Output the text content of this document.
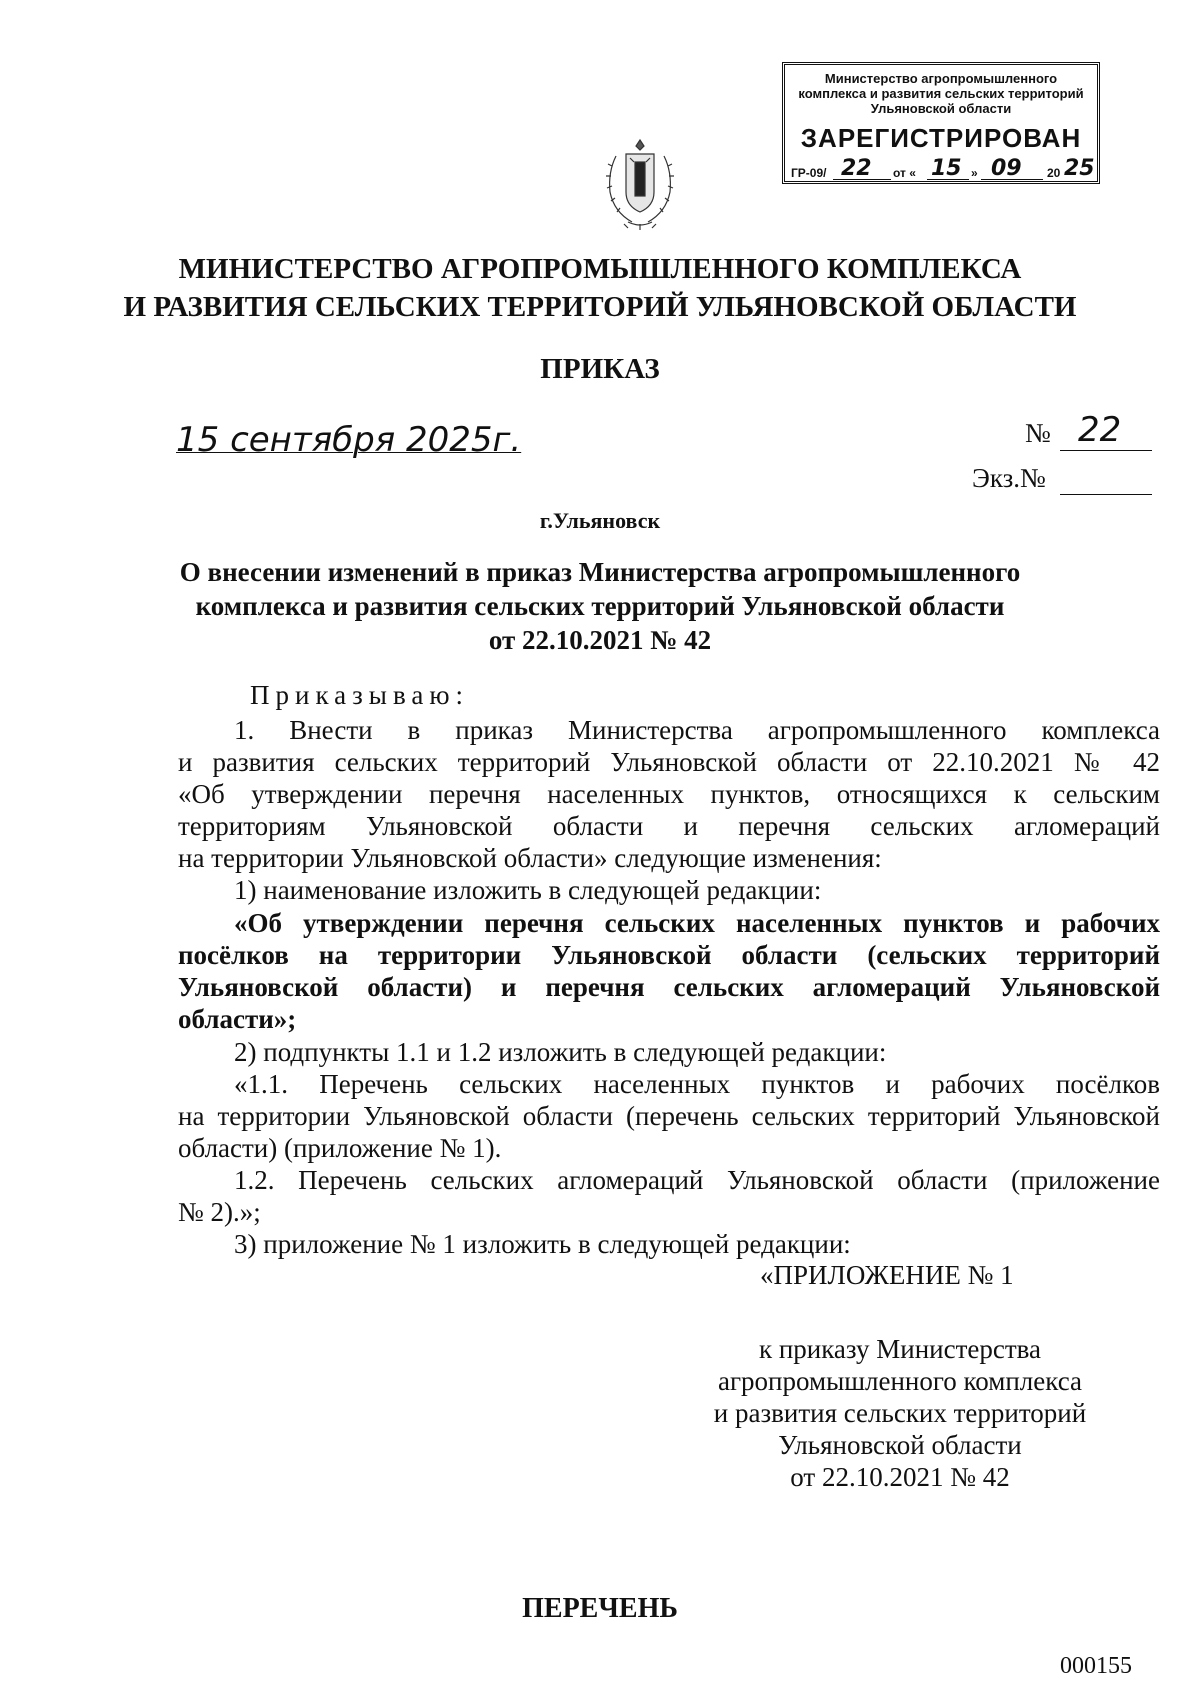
Министерство агропромышленного
комплекса и развития сельских территорий
Ульяновской области
ЗАРЕГИСТРИРОВАН
ГР-09/ 22 от « 15 » 09 20 25
МИНИСТЕРСТВО АГРОПРОМЫШЛЕННОГО КОМПЛЕКСА
И РАЗВИТИЯ СЕЛЬСКИХ ТЕРРИТОРИЙ УЛЬЯНОВСКОЙ ОБЛАСТИ
ПРИКАЗ
15 сентября 2025г.	№ 22
Экз.№
г.Ульяновск
О внесении изменений в приказ Министерства агропромышленного
комплекса и развития сельских территорий Ульяновской области
от 22.10.2021 № 42
Приказываю:
1. Внести в приказ Министерства агропромышленного комплекса
и развития сельских территорий Ульяновской области от 22.10.2021 № 42
«Об утверждении перечня населенных пунктов, относящихся к сельским
территориям Ульяновской области и перечня сельских агломераций
на территории Ульяновской области» следующие изменения:
1) наименование изложить в следующей редакции:
«Об утверждении перечня сельских населенных пунктов и рабочих
посёлков на территории Ульяновской области (сельских территорий
Ульяновской области) и перечня сельских агломераций Ульяновской
области»;
2) подпункты 1.1 и 1.2 изложить в следующей редакции:
«1.1. Перечень сельских населенных пунктов и рабочих посёлков
на территории Ульяновской области (перечень сельских территорий Ульяновской
области) (приложение № 1).
1.2. Перечень сельских агломераций Ульяновской области (приложение
№ 2).»;
3) приложение № 1 изложить в следующей редакции:
«ПРИЛОЖЕНИЕ № 1
к приказу Министерства
агропромышленного комплекса
и развития сельских территорий
Ульяновской области
от 22.10.2021 № 42
ПЕРЕЧЕНЬ
000155
